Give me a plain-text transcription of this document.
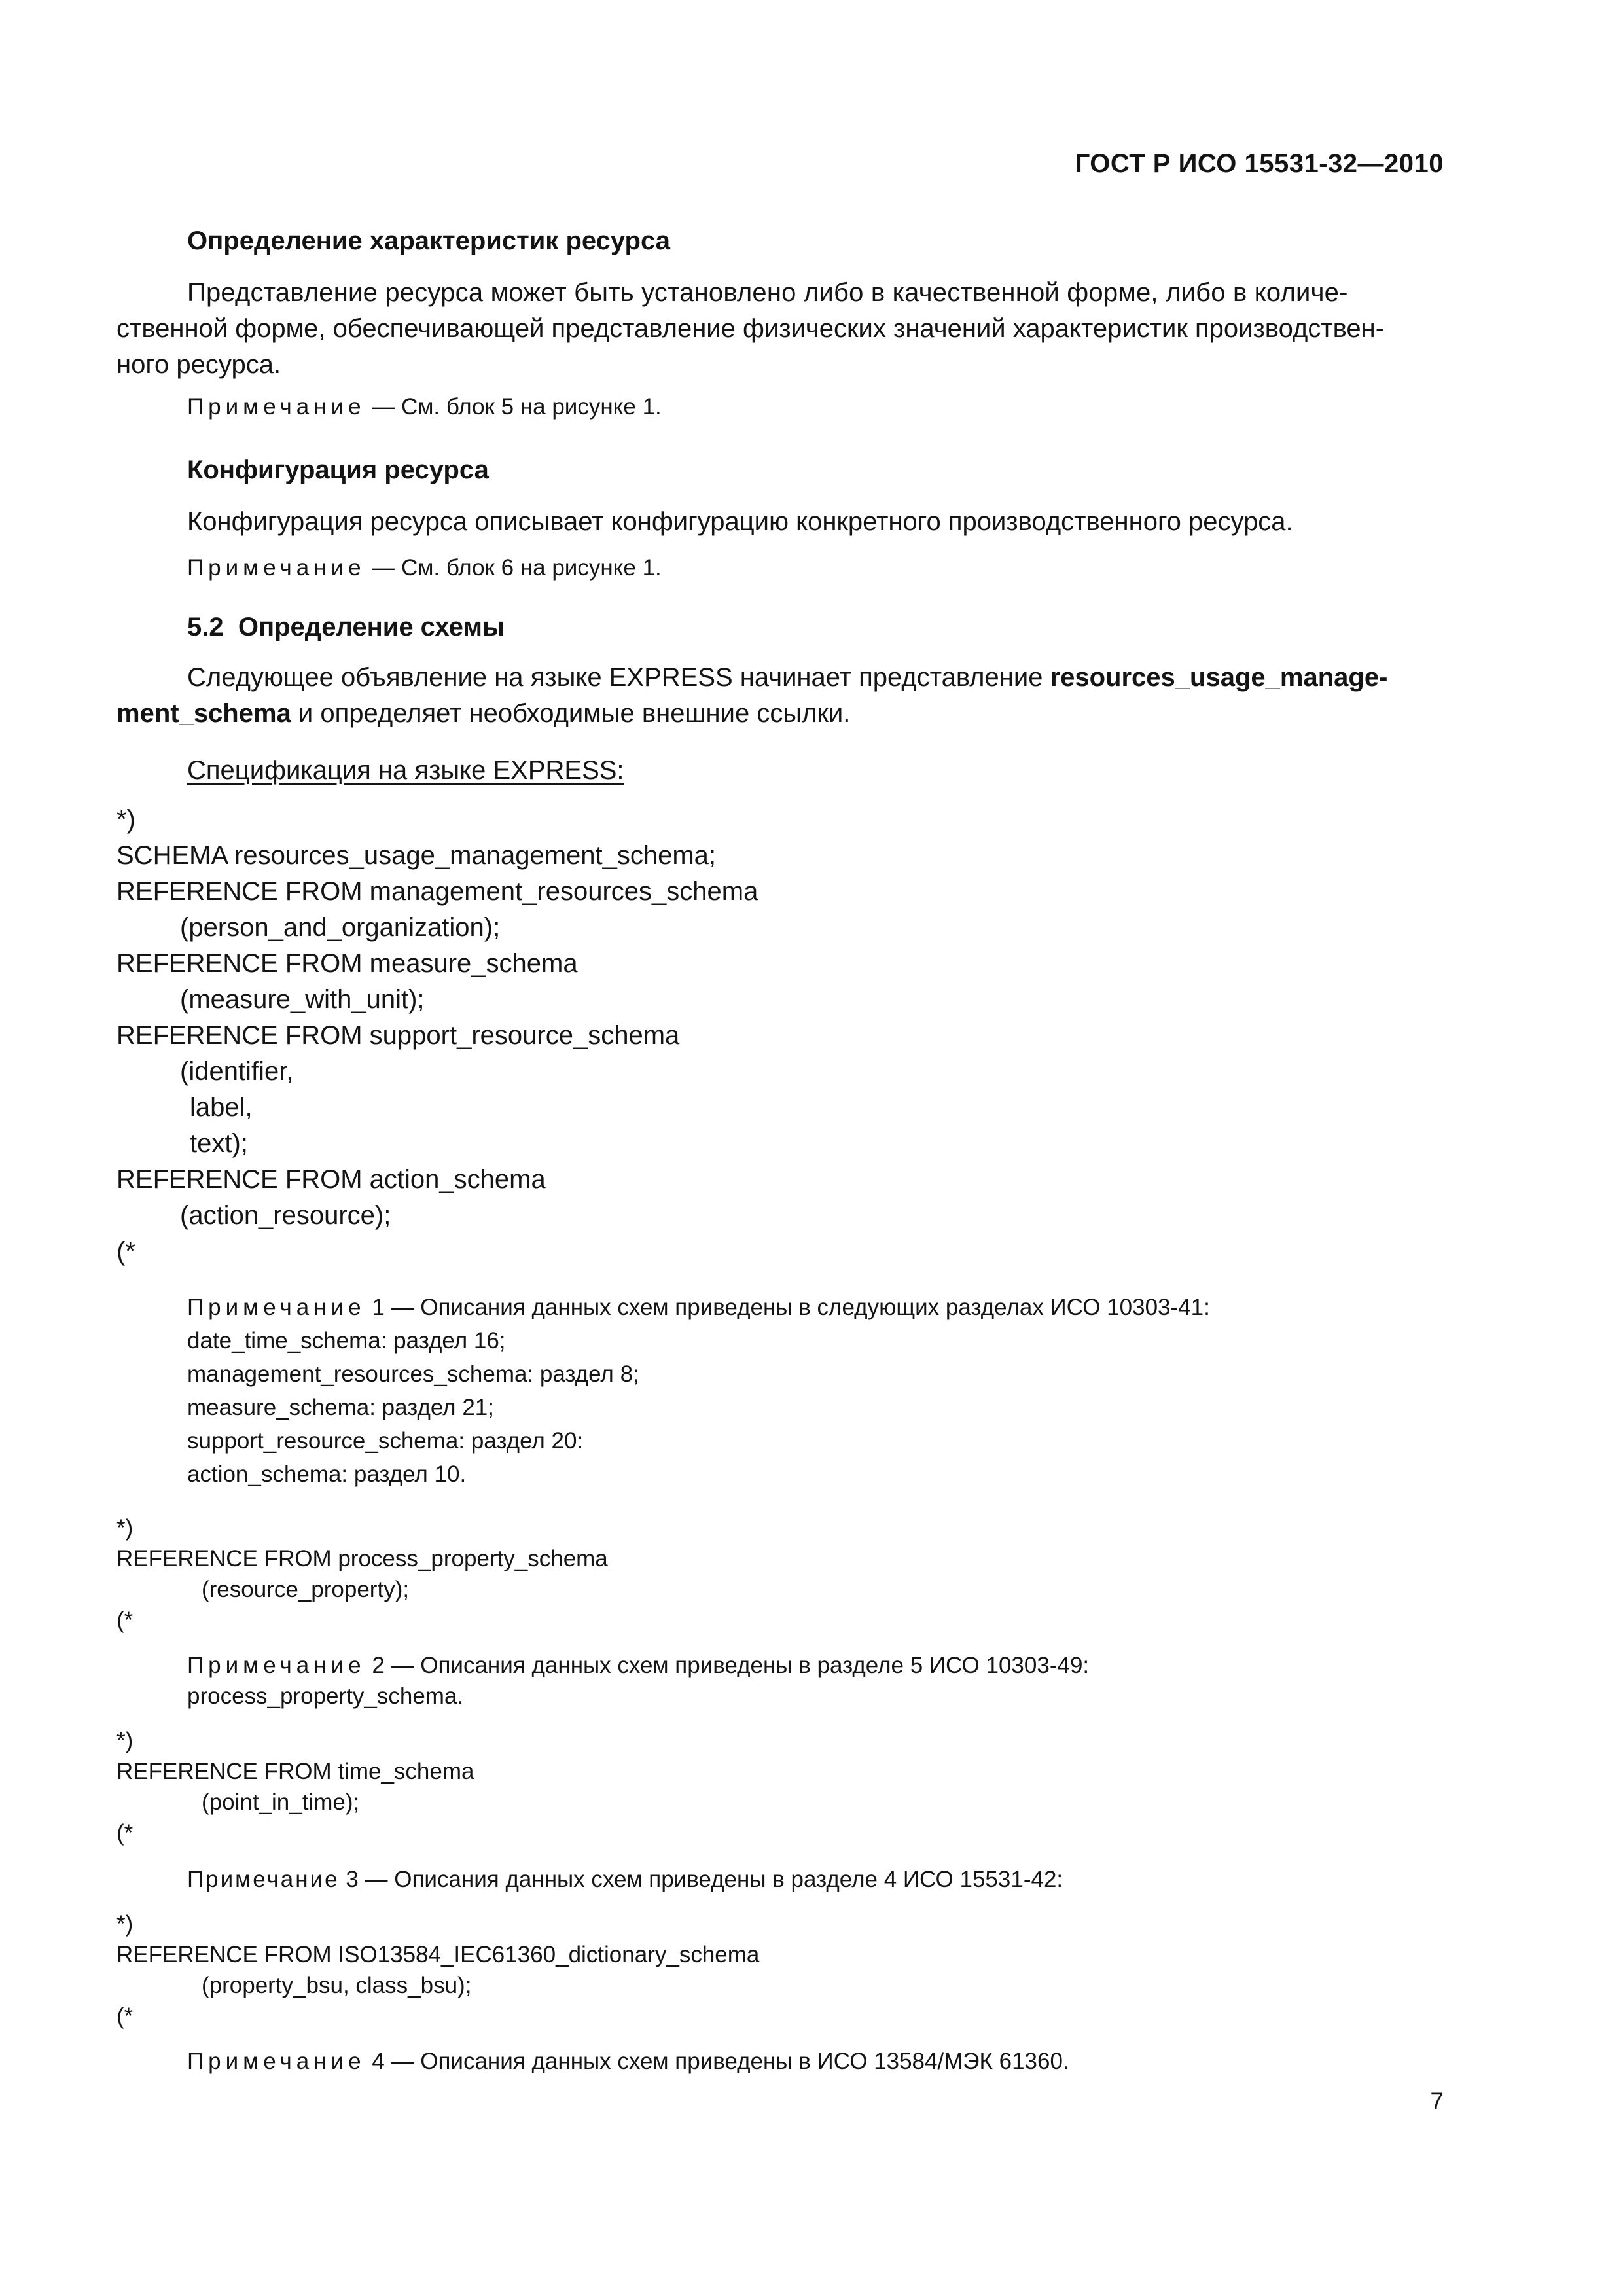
ГОСТ Р ИСО 15531-32—2010
Определение характеристик ресурса
Представление ресурса может быть установлено либо в качественной форме, либо в количе-
ственной форме, обеспечивающей представление физических значений характеристик производствен-
ного ресурса.
Примечание — См. блок 5 на рисунке 1.
Конфигурация ресурса
Конфигурация ресурса описывает конфигурацию конкретного производственного ресурса.
Примечание — См. блок 6 на рисунке 1.
5.2 Определение схемы
Следующее объявление на языке EXPRESS начинает представление resources_usage_manage-
ment_schema и определяет необходимые внешние ссылки.
Спецификация на языке EXPRESS:
*)
SCHEMA resources_usage_management_schema;
REFERENCE FROM management_resources_schema
(person_and_organization);
REFERENCE FROM measure_schema
(measure_with_unit);
REFERENCE FROM support_resource_schema
(identifier,
label,
text);
REFERENCE FROM action_schema
(action_resource);
(*
Примечание 1 — Описания данных схем приведены в следующих разделах ИСО 10303-41:
date_time_schema: раздел 16;
management_resources_schema: раздел 8;
measure_schema: раздел 21;
support_resource_schema: раздел 20:
action_schema: раздел 10.
*)
REFERENCE FROM process_property_schema
(resource_property);
(*
Примечание 2 — Описания данных схем приведены в разделе 5 ИСО 10303-49:
process_property_schema.
*)
REFERENCE FROM time_schema
(point_in_time);
(*
Примечание 3 — Описания данных схем приведены в разделе 4 ИСО 15531-42:
*)
REFERENCE FROM ISO13584_IEC61360_dictionary_schema
(property_bsu, class_bsu);
(*
Примечание 4 — Описания данных схем приведены в ИСО 13584/МЭК 61360.
7
